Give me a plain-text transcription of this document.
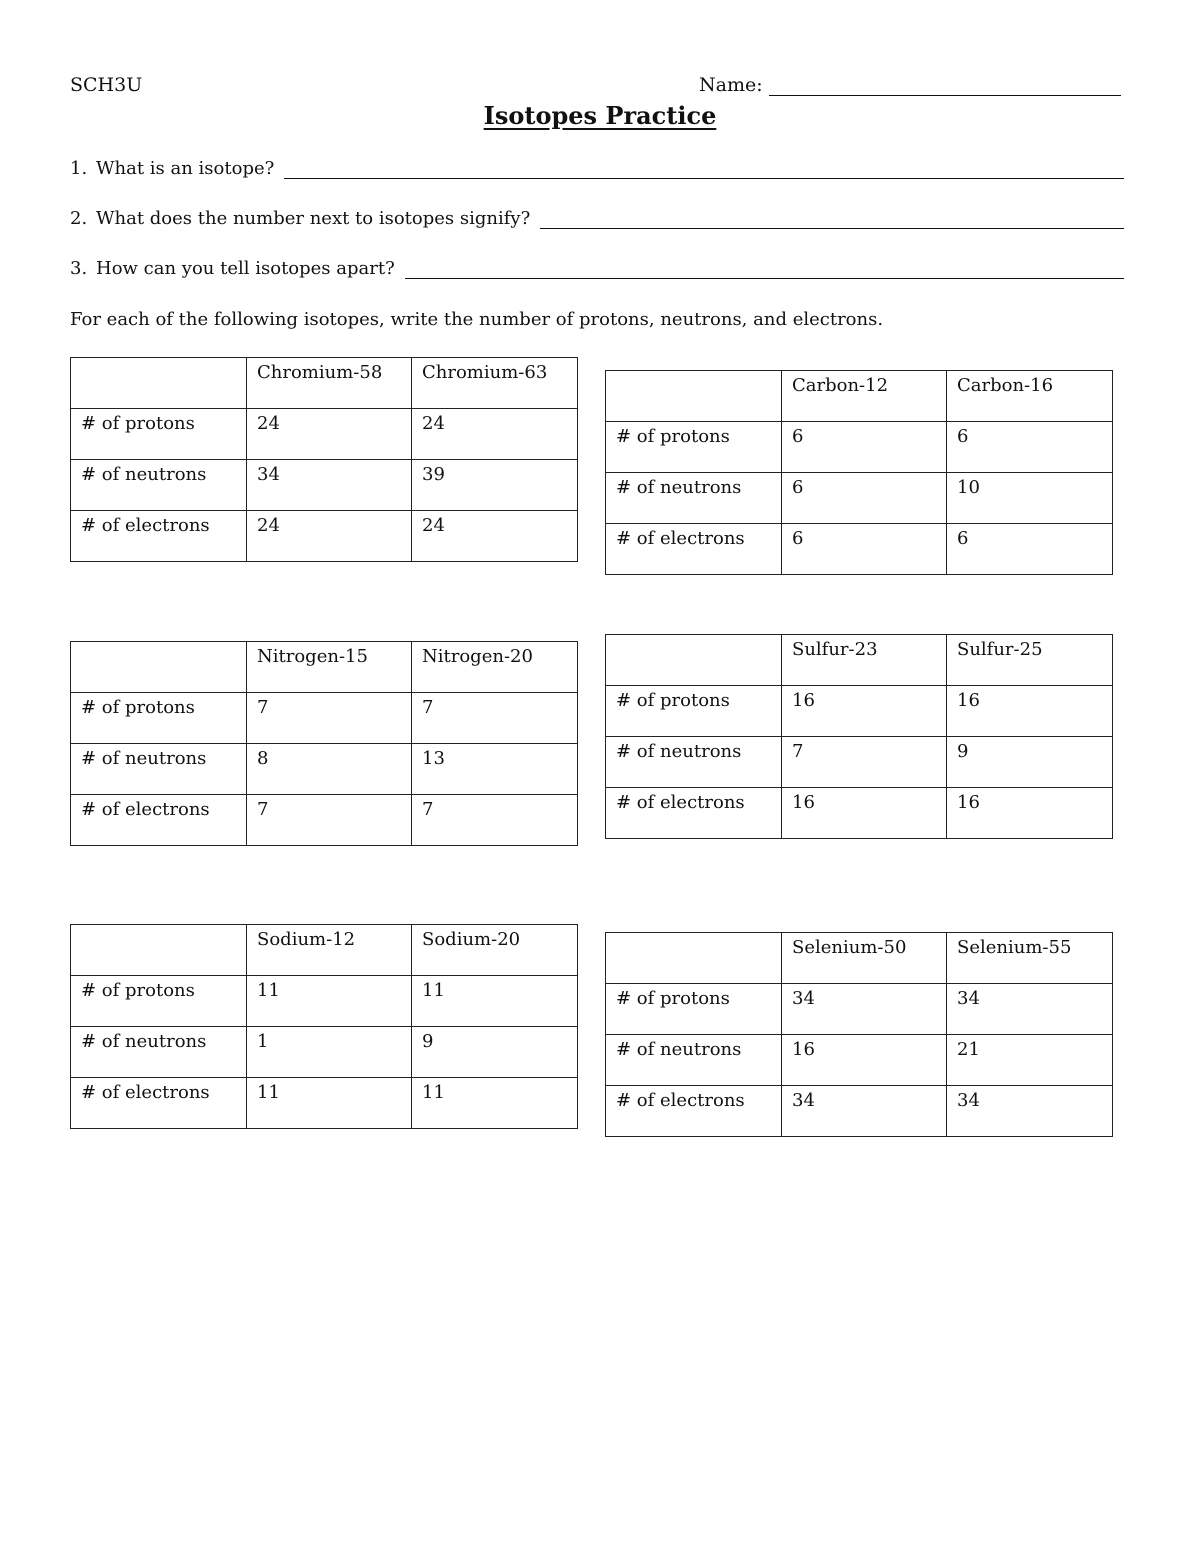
SCH3U	Name:
Isotopes Practice
1. What is an isotope?
2. What does the number next to isotopes signify?
3. How can you tell isotopes apart?
For each of the following isotopes, write the number of protons, neutrons, and electrons.
	Chromium-58	Chromium-63
# of protons	24	24
# of neutrons	34	39
# of electrons	24	24
	Carbon-12	Carbon-16
# of protons	6	6
# of neutrons	6	10
# of electrons	6	6
	Nitrogen-15	Nitrogen-20
# of protons	7	7
# of neutrons	8	13
# of electrons	7	7
	Sulfur-23	Sulfur-25
# of protons	16	16
# of neutrons	7	9
# of electrons	16	16
	Sodium-12	Sodium-20
# of protons	11	11
# of neutrons	1	9
# of electrons	11	11
	Selenium-50	Selenium-55
# of protons	34	34
# of neutrons	16	21
# of electrons	34	34
